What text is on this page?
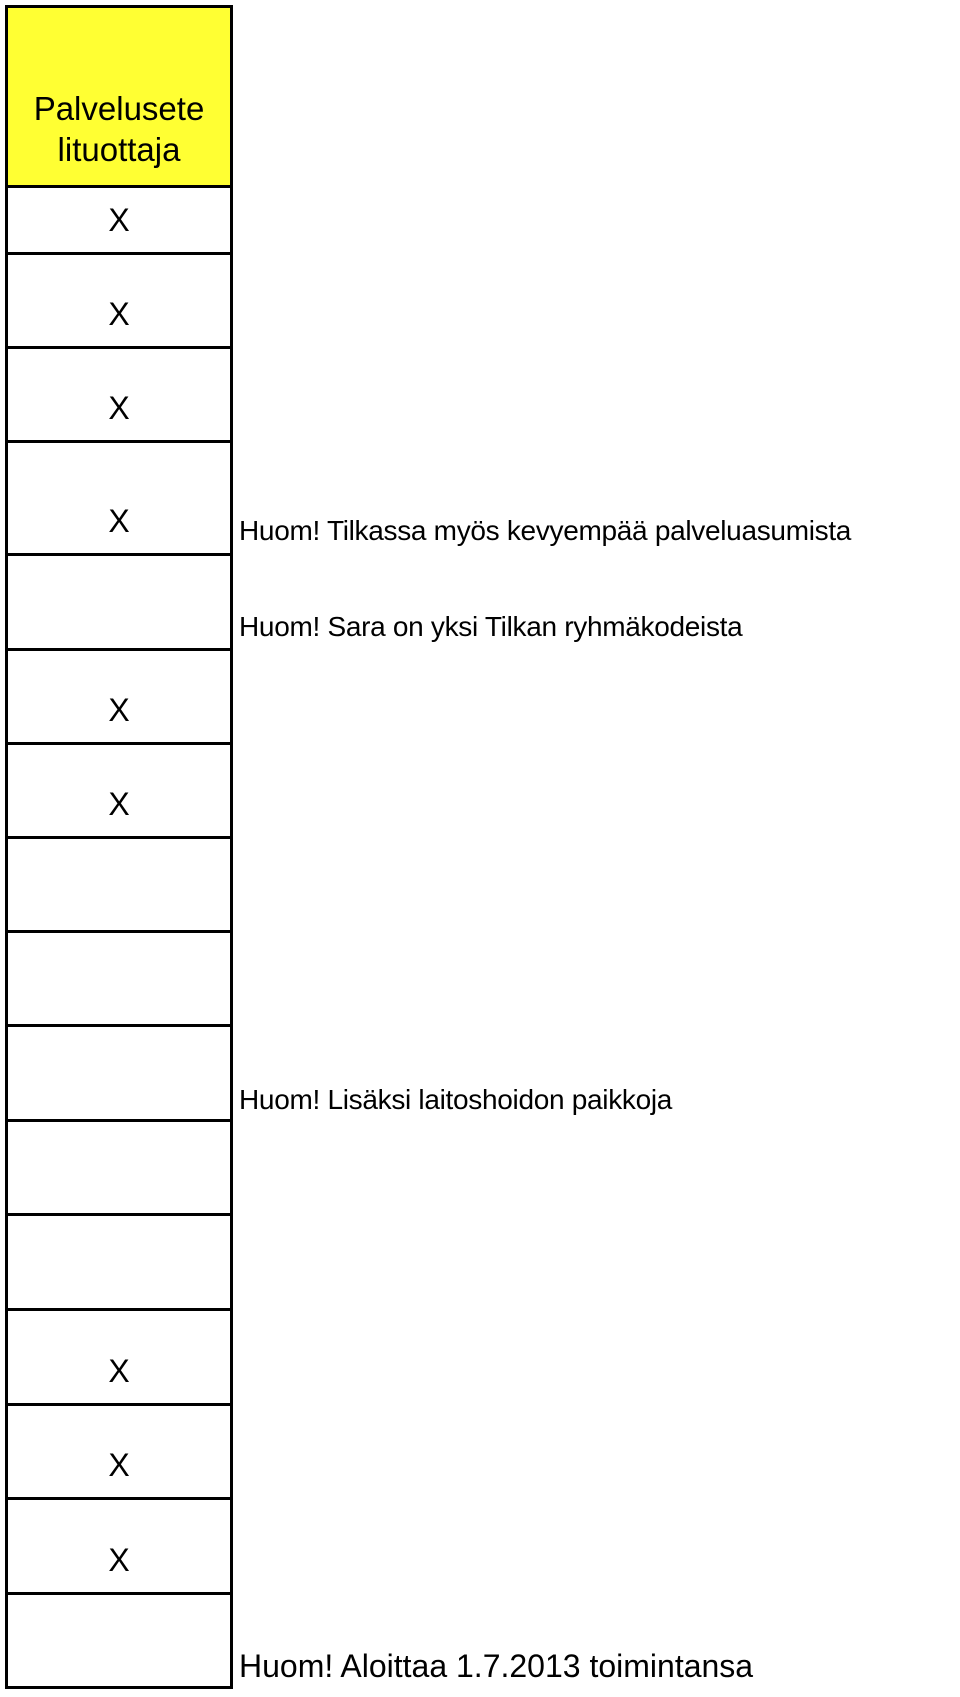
Palvelusete lituottaja
X
X
X
X
X
X
X
X
X
Huom! Tilkassa myös kevyempää palveluasumista
Huom! Sara on yksi Tilkan ryhmäkodeista
Huom! Lisäksi laitoshoidon paikkoja
Huom! Aloittaa 1.7.2013 toimintansa
